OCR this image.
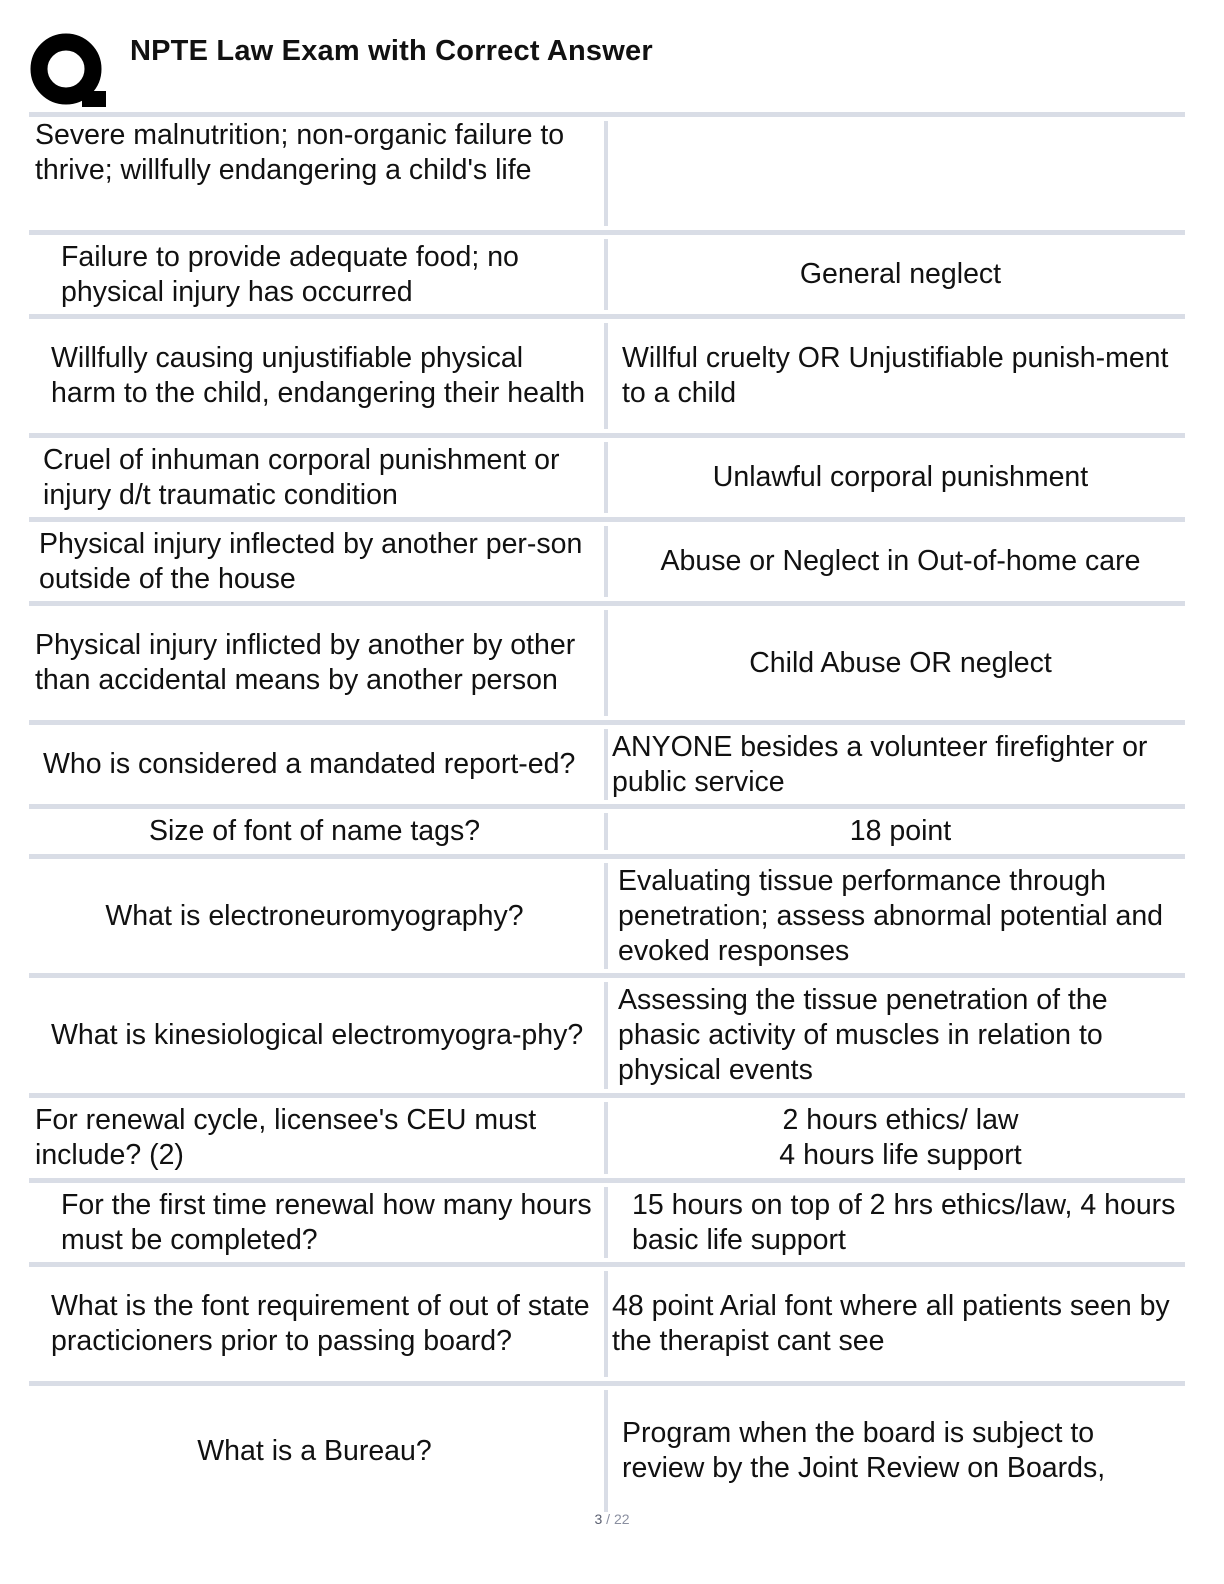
NPTE Law Exam with Correct Answer
Severe malnutrition; non-organic failure to thrive; willfully endangering a child's life
Failure to provide adequate food; no physical injury has occurred
General neglect
Willfully causing unjustifiable physical harm to the child, endangering their health
Willful cruelty OR Unjustifiable punish-ment to a child
Cruel of inhuman corporal punishment or injury d/t traumatic condition
Unlawful corporal punishment
Physical injury inflected by another per-son outside of the house
Abuse or Neglect in Out-of-home care
Physical injury inflicted by another by other than accidental means by another person
Child Abuse OR neglect
Who is considered a mandated report-ed?
ANYONE besides a volunteer firefighter or public service
Size of font of name tags?	18 point
What is electroneuromyography?
Evaluating tissue performance through penetration; assess abnormal potential and evoked responses
What is kinesiological electromyogra-phy?
Assessing the tissue penetration of the phasic activity of muscles in relation to physical events
For renewal cycle, licensee's CEU must include? (2)
2 hours ethics/ law
4 hours life support
For the first time renewal how many hours must be completed?
15 hours on top of 2 hrs ethics/law, 4 hours basic life support
What is the font requirement of out of state practicioners prior to passing board?
48 point Arial font where all patients seen by the therapist cant see
What is a Bureau?
Program when the board is subject to review by the Joint Review on Boards,
3 / 22
